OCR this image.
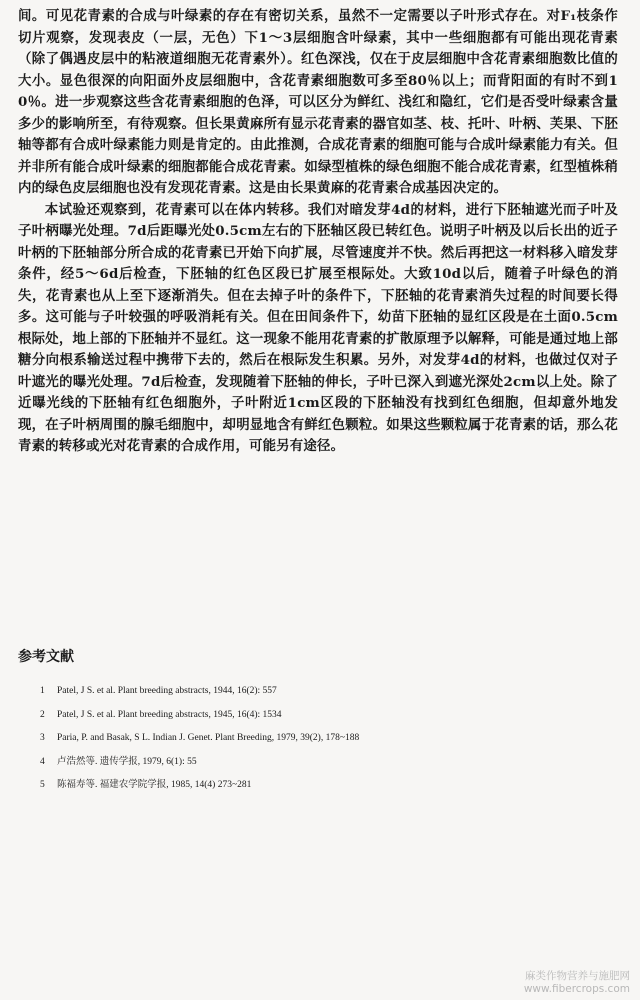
间。可见花青素的合成与叶绿素的存在有密切关系，虽然不一定需要以子叶形式存在。对F₁枝条作切片观察，发现表皮（一层，无色）下1～3层细胞含叶绿素，其中一些细胞都有可能出现花青素（除了偶遇皮层中的粘液道细胞无花青素外）。红色深浅，仅在于皮层细胞中含花青素细胞数比值的大小。显色很深的向阳面外皮层细胞中，含花青素细胞数可多至80％以上；而背阳面的有时不到10％。进一步观察这些含花青素细胞的色泽，可以区分为鲜红、浅红和隐红，它们是否受叶绿素含量多少的影响所至，有待观察。但长果黄麻所有显示花青素的器官如茎、枝、托叶、叶柄、芙果、下胚轴等都有合成叶绿素能力则是肯定的。由此推测，合成花青素的细胞可能与合成叶绿素能力有关。但并非所有能合成叶绿素的细胞都能合成花青素。如绿型植株的绿色细胞不能合成花青素，红型植株稍内的绿色皮层细胞也没有发现花青素。这是由长果黄麻的花青素合成基因决定的。

本试验还观察到，花青素可以在体内转移。我们对暗发芽4d的材料，进行下胚轴遮光而子叶及子叶柄曝光处理。7d后距曝光处0.5cm左右的下胚轴区段已转红色。说明子叶柄及以后长出的近子叶柄的下胚轴部分所合成的花青素已开始下向扩展，尽管速度并不快。然后再把这一材料移入暗发芽条件，经5～6d后检查，下胚轴的红色区段已扩展至根际处。大致10d以后，随着子叶绿色的消失，花青素也从上至下逐渐消失。但在去掉子叶的条件下，下胚轴的花青素消失过程的时间要长得多。这可能与子叶较强的呼吸消耗有关。但在田间条件下，幼苗下胚轴的显红区段是在土面0.5cm根际处，地上部的下胚轴并不显红。这一现象不能用花青素的扩散原理予以解释，可能是通过地上部糖分向根系输送过程中携带下去的，然后在根际发生积累。另外，对发芽4d的材料，也做过仅对子叶遮光的曝光处理。7d后检查，发现随着下胚轴的伸长，子叶已深入到遮光深处2cm以上处。除了近曝光线的下胚轴有红色细胞外，子叶附近1cm区段的下胚轴没有找到红色细胞，但却意外地发现，在子叶柄周围的腺毛细胞中，却明显地含有鲜红色颗粒。如果这些颗粒属于花青素的话，那么花青素的转移或光对花青素的合成作用，可能另有途径。

参考文献
1	Patel, J S. et al. Plant breeding abstracts, 1944, 16(2): 557
2	Patel, J S. et al. Plant breeding abstracts, 1945, 16(4): 1534
3	Paria, P. and Basak, S L. Indian J. Genet. Plant Breeding, 1979, 39(2), 178~188
4	卢浩然等. 遗传学报, 1979, 6(1): 55
5	陈福寿等. 福建农学院学报, 1985, 14(4) 273~281
麻类作物营养与施肥网
www.fibercrops.com
